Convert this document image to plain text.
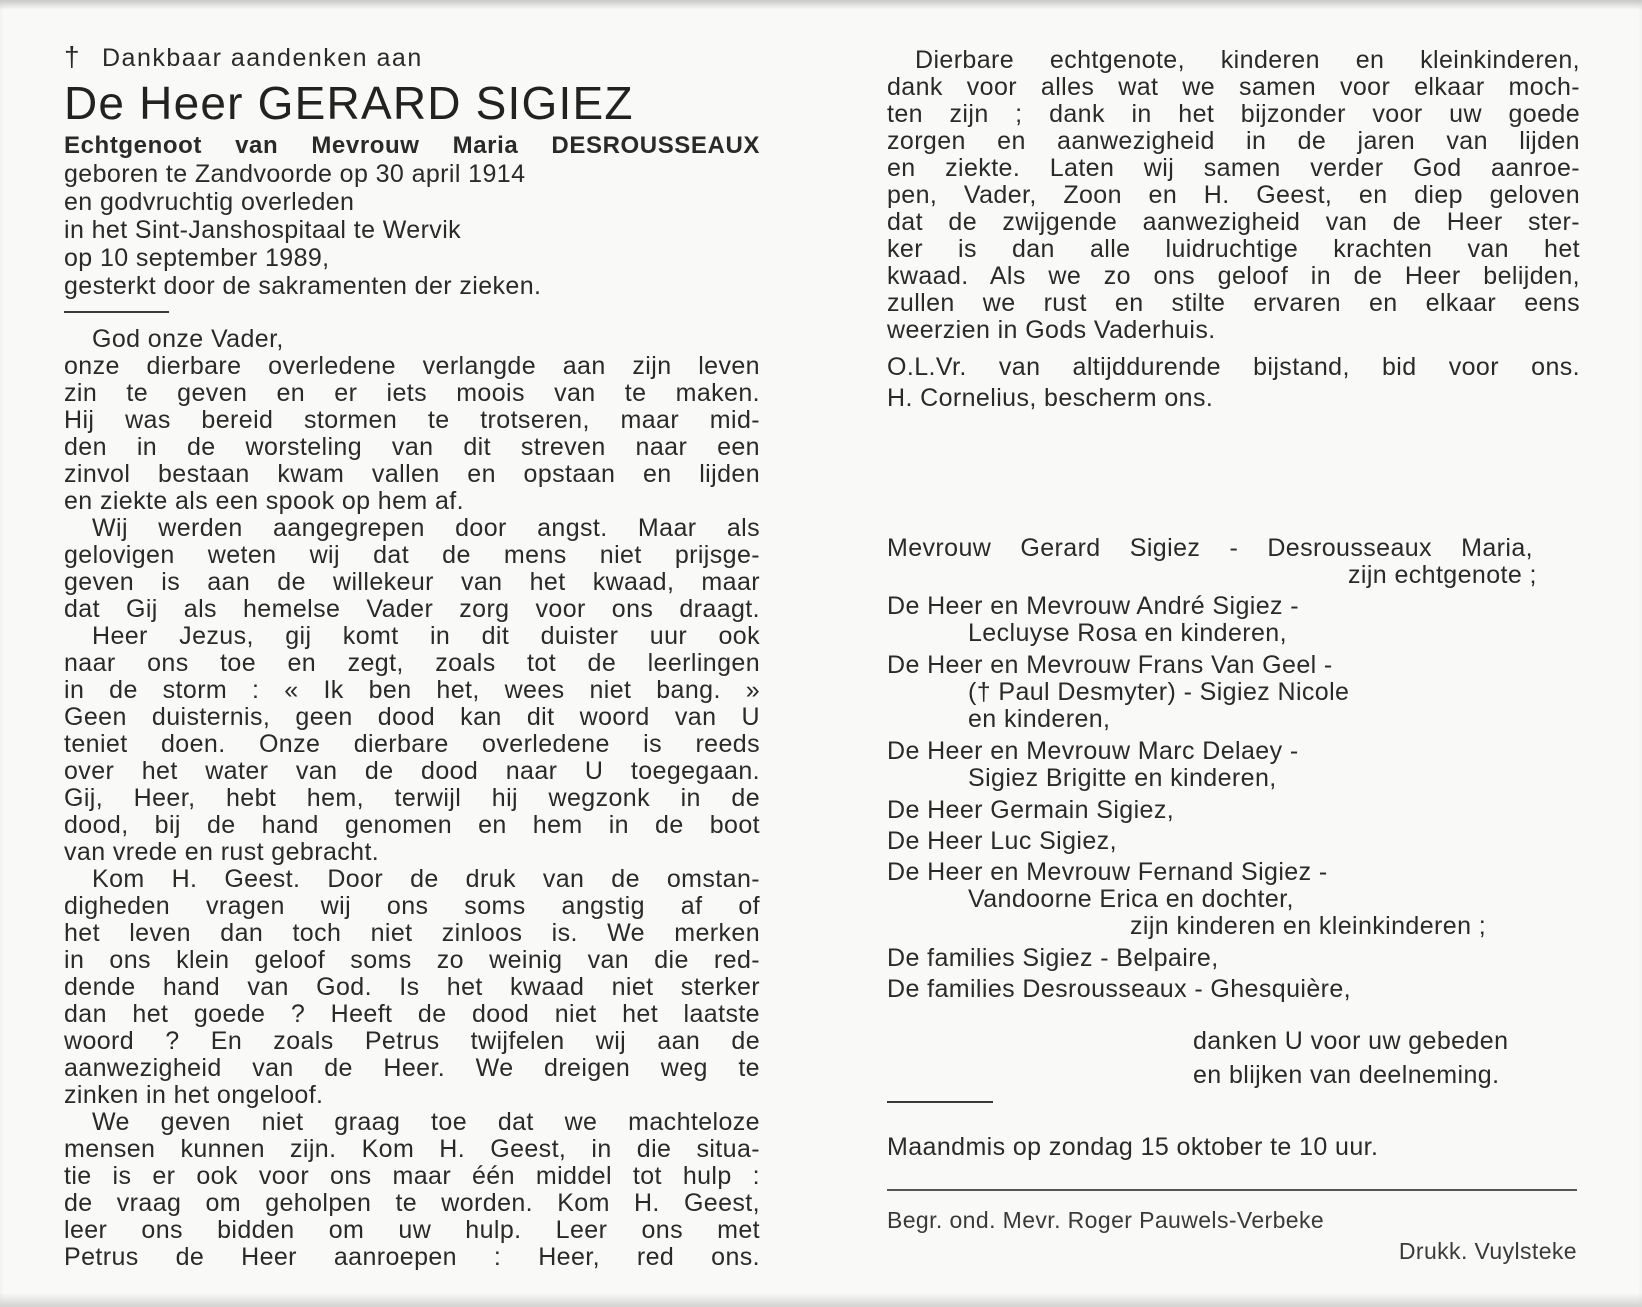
† Dankbaar aandenken aan
De Heer GERARD SIGIEZ
Echtgenoot van Mevrouw Maria DESROUSSEAUX
geboren te Zandvoorde op 30 april 1914
en godvruchtig overleden
in het Sint-Janshospitaal te Wervik
op 10 september 1989,
gesterkt door de sakramenten der zieken.
God onze Vader,
onze dierbare overledene verlangde aan zijn leven
zin te geven en er iets moois van te maken.
Hij was bereid stormen te trotseren, maar mid-
den in de worsteling van dit streven naar een
zinvol bestaan kwam vallen en opstaan en lijden
en ziekte als een spook op hem af.
Wij werden aangegrepen door angst. Maar als
gelovigen weten wij dat de mens niet prijsge-
geven is aan de willekeur van het kwaad, maar
dat Gij als hemelse Vader zorg voor ons draagt.
Heer Jezus, gij komt in dit duister uur ook
naar ons toe en zegt, zoals tot de leerlingen
in de storm : « Ik ben het, wees niet bang. »
Geen duisternis, geen dood kan dit woord van U
teniet doen. Onze dierbare overledene is reeds
over het water van de dood naar U toegegaan.
Gij, Heer, hebt hem, terwijl hij wegzonk in de
dood, bij de hand genomen en hem in de boot
van vrede en rust gebracht.
Kom H. Geest. Door de druk van de omstan-
digheden vragen wij ons soms angstig af of
het leven dan toch niet zinloos is. We merken
in ons klein geloof soms zo weinig van die red-
dende hand van God. Is het kwaad niet sterker
dan het goede ? Heeft de dood niet het laatste
woord ? En zoals Petrus twijfelen wij aan de
aanwezigheid van de Heer. We dreigen weg te
zinken in het ongeloof.
We geven niet graag toe dat we machteloze
mensen kunnen zijn. Kom H. Geest, in die situa-
tie is er ook voor ons maar één middel tot hulp :
de vraag om geholpen te worden. Kom H. Geest,
leer ons bidden om uw hulp. Leer ons met
Petrus de Heer aanroepen : Heer, red ons.
Dierbare echtgenote, kinderen en kleinkinderen,
dank voor alles wat we samen voor elkaar moch-
ten zijn ; dank in het bijzonder voor uw goede
zorgen en aanwezigheid in de jaren van lijden
en ziekte. Laten wij samen verder God aanroe-
pen, Vader, Zoon en H. Geest, en diep geloven
dat de zwijgende aanwezigheid van de Heer ster-
ker is dan alle luidruchtige krachten van het
kwaad. Als we zo ons geloof in de Heer belijden,
zullen we rust en stilte ervaren en elkaar eens
weerzien in Gods Vaderhuis.
O.L.Vr. van altijddurende bijstand, bid voor ons.
H. Cornelius, bescherm ons.
Mevrouw Gerard Sigiez - Desrousseaux Maria,
zijn echtgenote ;
De Heer en Mevrouw André Sigiez -
Lecluyse Rosa en kinderen,
De Heer en Mevrouw Frans Van Geel -
(† Paul Desmyter) - Sigiez Nicole
en kinderen,
De Heer en Mevrouw Marc Delaey -
Sigiez Brigitte en kinderen,
De Heer Germain Sigiez,
De Heer Luc Sigiez,
De Heer en Mevrouw Fernand Sigiez -
Vandoorne Erica en dochter,
zijn kinderen en kleinkinderen ;
De families Sigiez - Belpaire,
De families Desrousseaux - Ghesquière,
danken U voor uw gebeden
en blijken van deelneming.
Maandmis op zondag 15 oktober te 10 uur.
Begr. ond. Mevr. Roger Pauwels-Verbeke
Drukk. Vuylsteke
